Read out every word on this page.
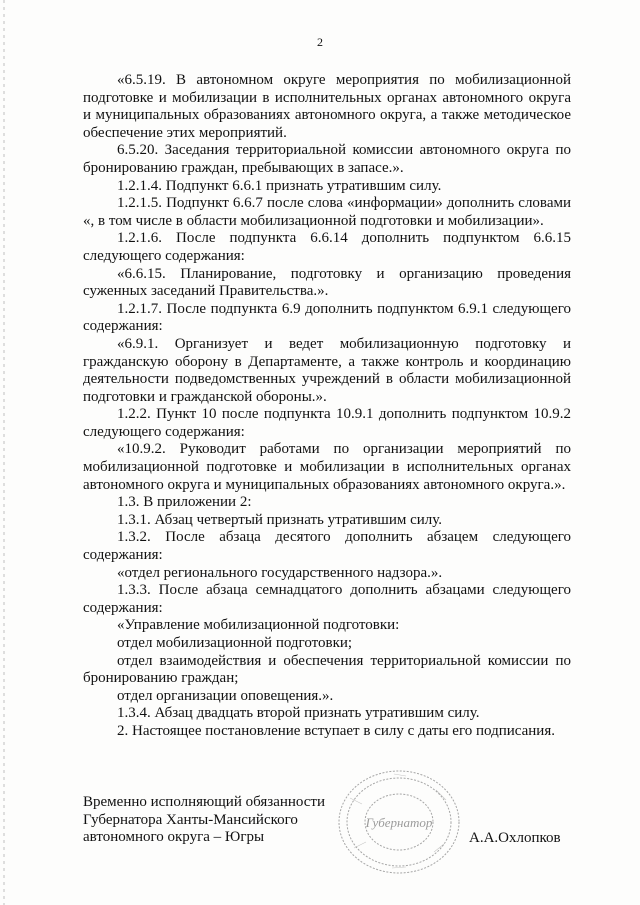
2

«6.5.19. В автономном округе мероприятия по мобилизационной подготовке и мобилизации в исполнительных органах автономного округа и муниципальных образованиях автономного округа, а также методическое обеспечение этих мероприятий.

6.5.20. Заседания территориальной комиссии автономного округа по бронированию граждан, пребывающих в запасе.».

1.2.1.4. Подпункт 6.6.1 признать утратившим силу.

1.2.1.5. Подпункт 6.6.7 после слова «информации» дополнить словами «, в том числе в области мобилизационной подготовки и мобилизации».

1.2.1.6. После подпункта 6.6.14 дополнить подпунктом 6.6.15 следующего содержания:

«6.6.15. Планирование, подготовку и организацию проведения суженных заседаний Правительства.».

1.2.1.7. После подпункта 6.9 дополнить подпунктом 6.9.1 следующего содержания:

«6.9.1. Организует и ведет мобилизационную подготовку и гражданскую оборону в Департаменте, а также контроль и координацию деятельности подведомственных учреждений в области мобилизационной подготовки и гражданской обороны.».

1.2.2. Пункт 10 после подпункта 10.9.1 дополнить подпунктом 10.9.2 следующего содержания:

«10.9.2. Руководит работами по организации мероприятий по мобилизационной подготовке и мобилизации в исполнительных органах автономного округа и муниципальных образованиях автономного округа.».

1.3. В приложении 2:

1.3.1. Абзац четвертый признать утратившим силу.

1.3.2. После абзаца десятого дополнить абзацем следующего содержания:

«отдел регионального государственного надзора.».

1.3.3. После абзаца семнадцатого дополнить абзацами следующего содержания:

«Управление мобилизационной подготовки:

отдел мобилизационной подготовки;

отдел взаимодействия и обеспечения территориальной комиссии по бронированию граждан;

отдел организации оповещения.».

1.3.4. Абзац двадцать второй признать утратившим силу.

2. Настоящее постановление вступает в силу с даты его подписания.

Временно исполняющий обязанности
Губернатора Ханты-Мансийского
автономного округа – Югры
Губернатор
А.А.Охлопков
